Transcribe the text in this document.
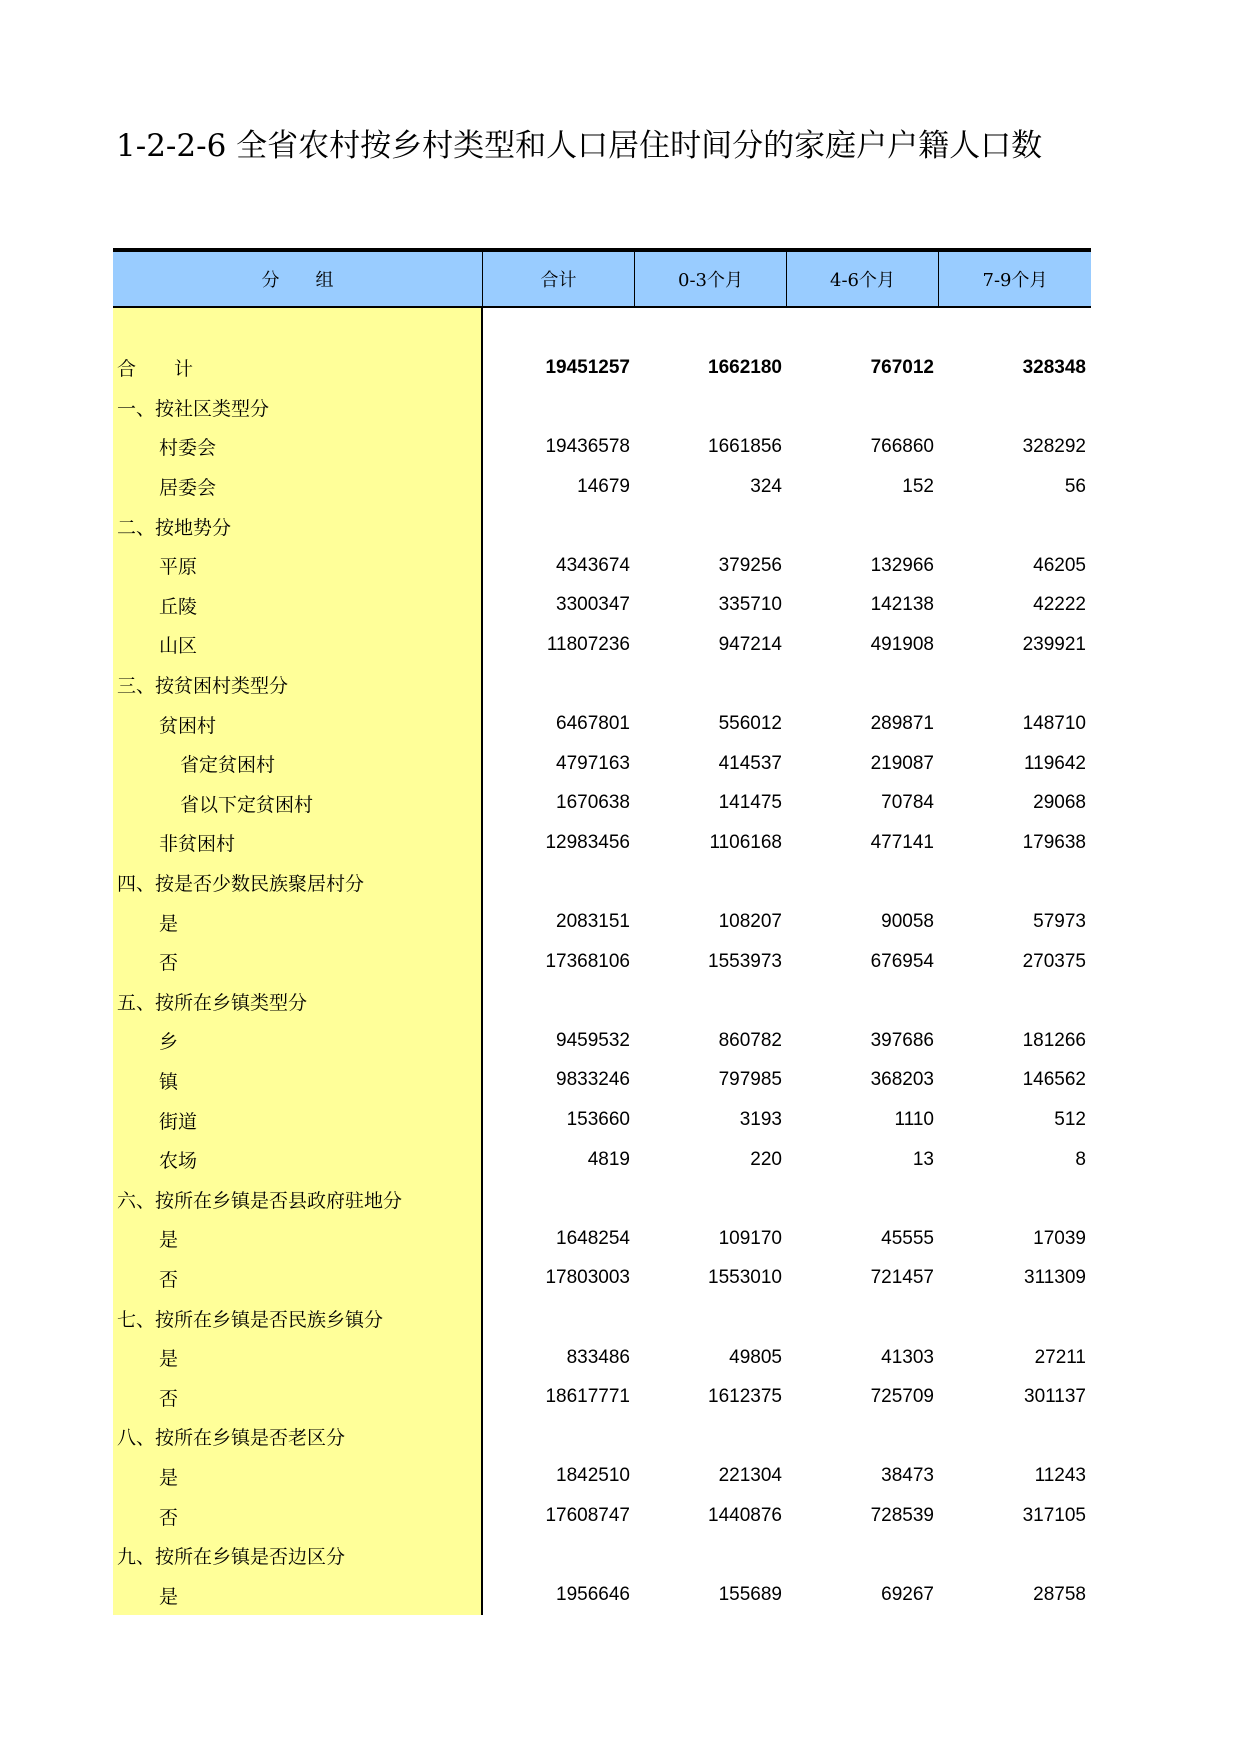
1-2-2-6 全省农村按乡村类型和人口居住时间分的家庭户户籍人口数
分　　组	合计	0-3个月	4-6个月	7-9个月
合　　计	19451257	1662180	767012	328348
一、按社区类型分
村委会	19436578	1661856	766860	328292
居委会	14679	324	152	56
二、按地势分
平原	4343674	379256	132966	46205
丘陵	3300347	335710	142138	42222
山区	11807236	947214	491908	239921
三、按贫困村类型分
贫困村	6467801	556012	289871	148710
省定贫困村	4797163	414537	219087	119642
省以下定贫困村	1670638	141475	70784	29068
非贫困村	12983456	1106168	477141	179638
四、按是否少数民族聚居村分
是	2083151	108207	90058	57973
否	17368106	1553973	676954	270375
五、按所在乡镇类型分
乡	9459532	860782	397686	181266
镇	9833246	797985	368203	146562
街道	153660	3193	1110	512
农场	4819	220	13	8
六、按所在乡镇是否县政府驻地分
是	1648254	109170	45555	17039
否	17803003	1553010	721457	311309
七、按所在乡镇是否民族乡镇分
是	833486	49805	41303	27211
否	18617771	1612375	725709	301137
八、按所在乡镇是否老区分
是	1842510	221304	38473	11243
否	17608747	1440876	728539	317105
九、按所在乡镇是否边区分
是	1956646	155689	69267	28758
